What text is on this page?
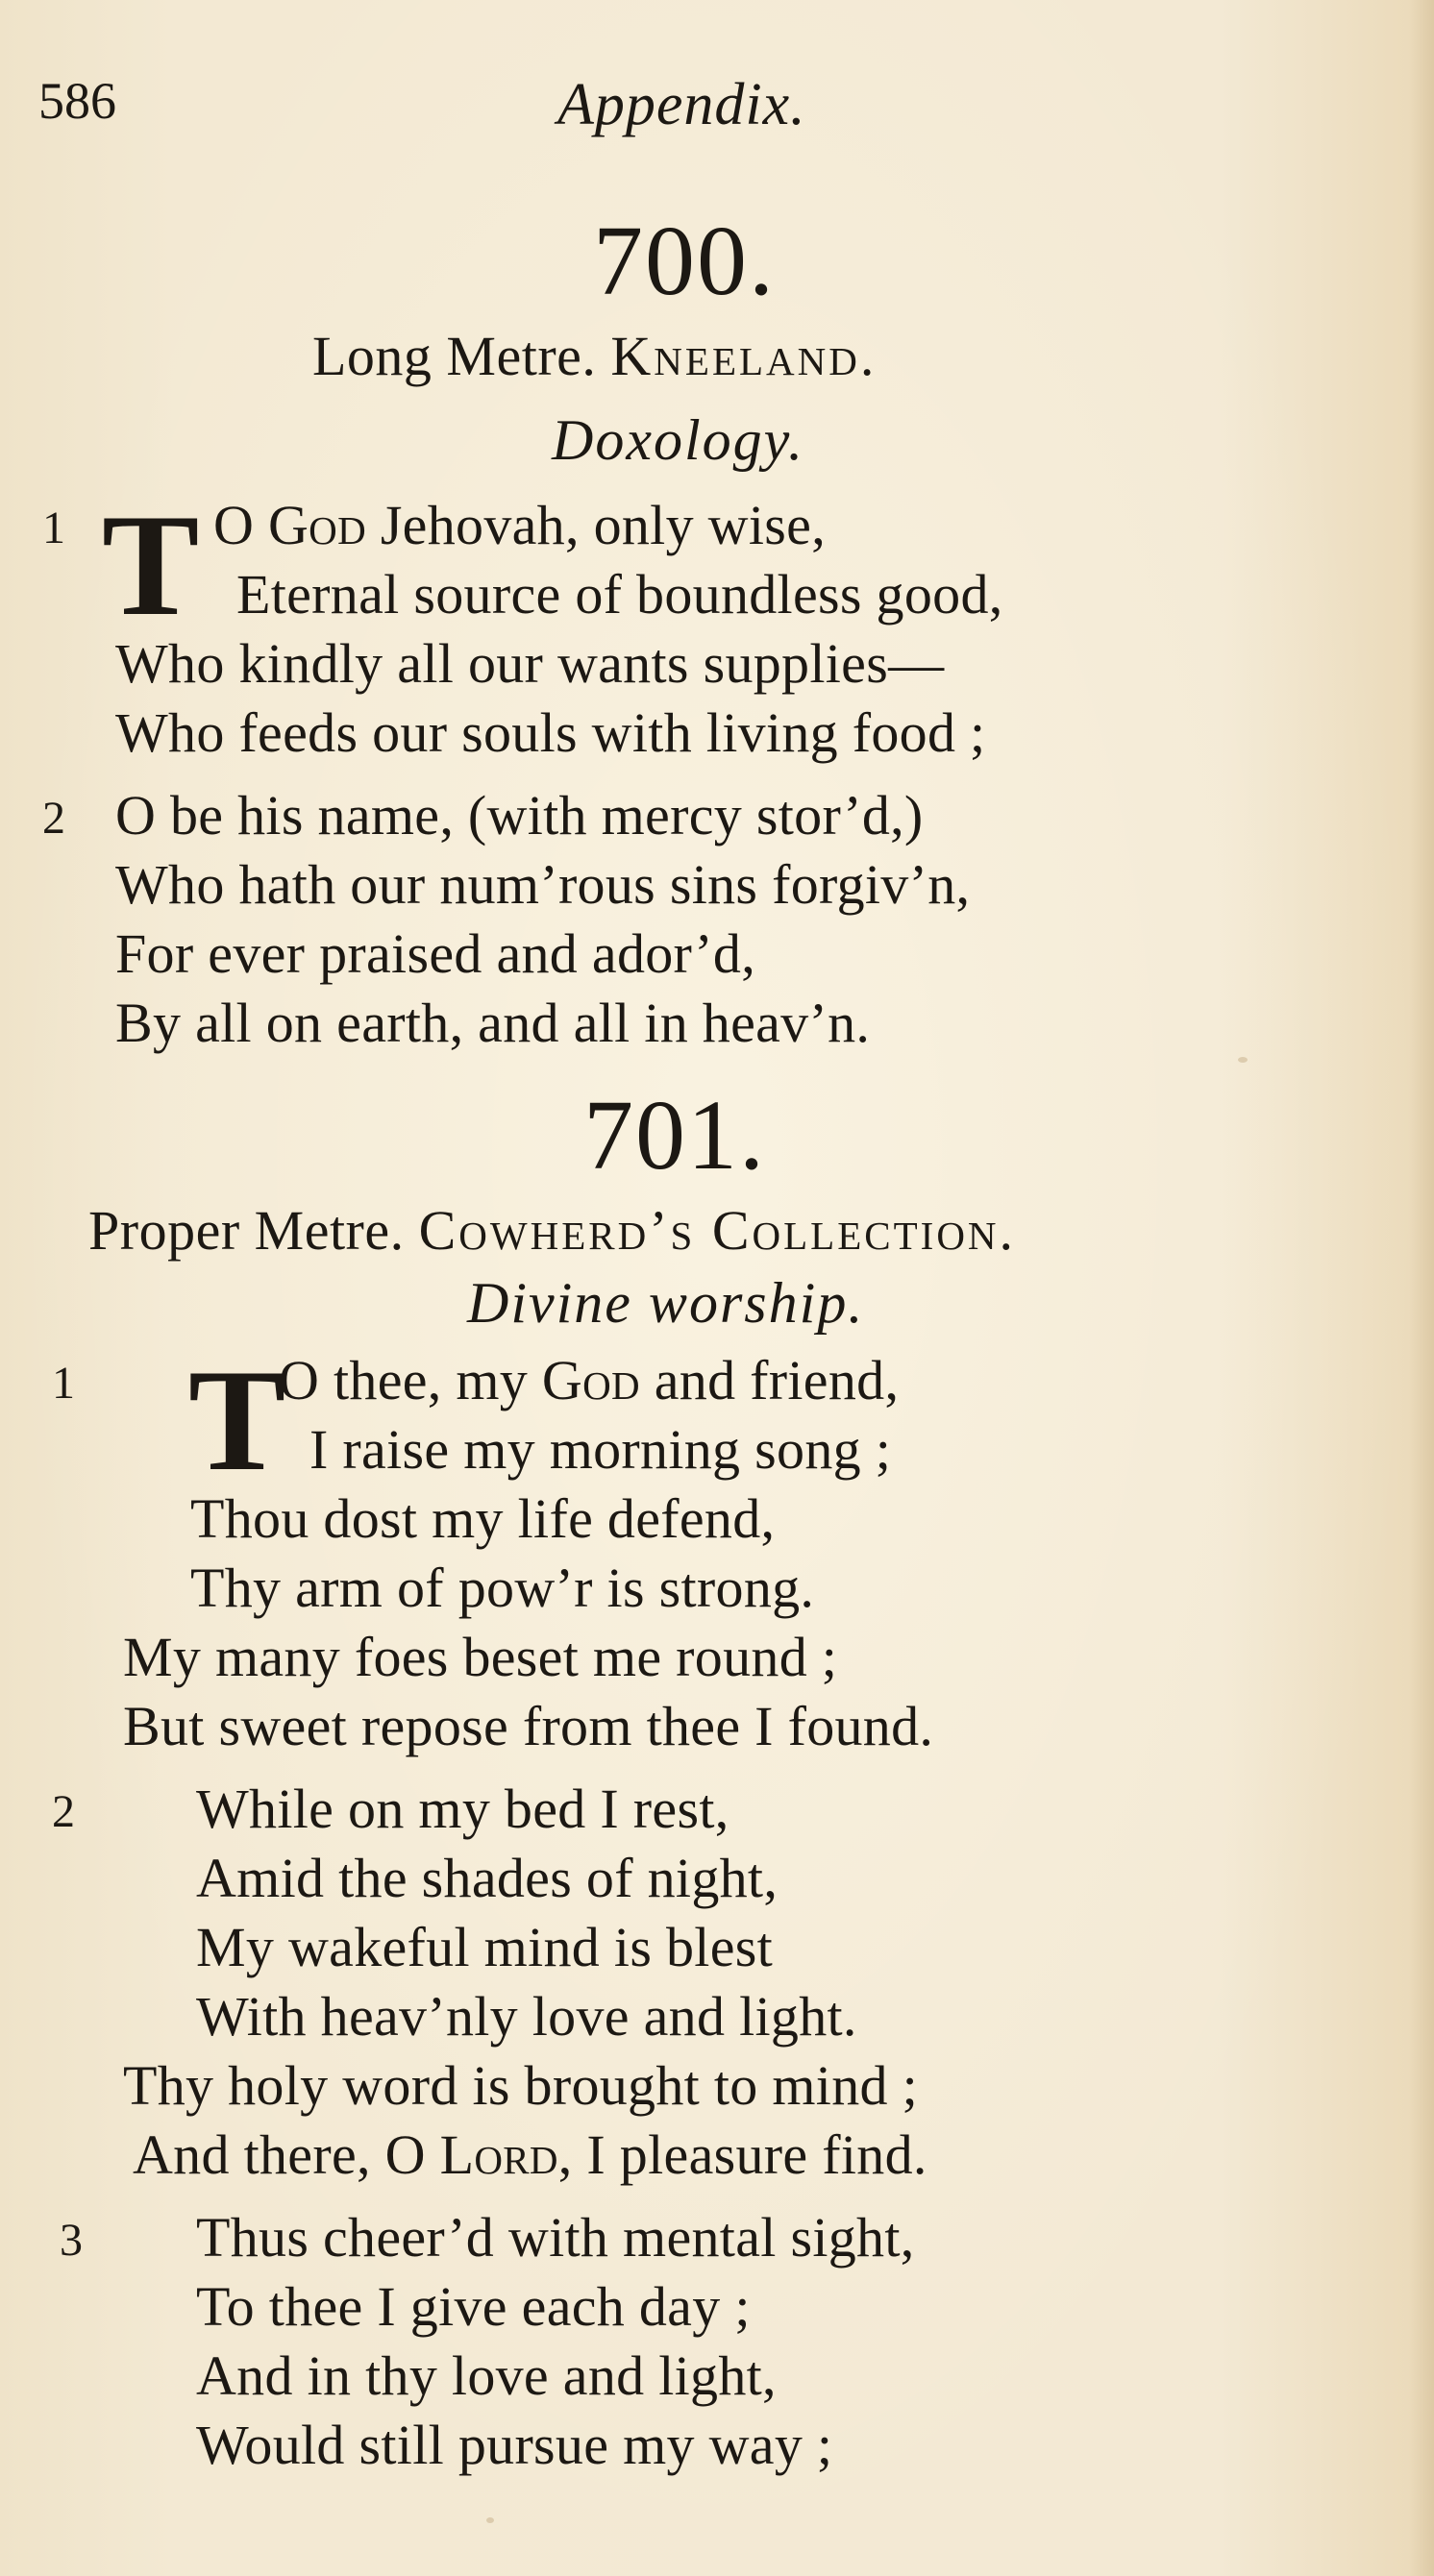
586	Appendix.
700.
Long Metre. Kneeland.
Doxology.
1 T O God Jehovah, only wise,
Eternal source of boundless good,
Who kindly all our wants supplies—
Who feeds our souls with living food ;
2 O be his name, (with mercy stor’d,)
Who hath our num’rous sins forgiv’n,
For ever praised and ador’d,
By all on earth, and all in heav’n.
701.
Proper Metre. Cowherd’s Collection.
Divine worship.
1 T
O thee, my God and friend,
I raise my morning song ;
Thou dost my life defend,
Thy arm of pow’r is strong.
My many foes beset me round ;
But sweet repose from thee I found.
2 While on my bed I rest,
Amid the shades of night,
My wakeful mind is blest
With heav’nly love and light.
Thy holy word is brought to mind ;
And there, O Lord, I pleasure find.
3 Thus cheer’d with mental sight,
To thee I give each day ;
And in thy love and light,
Would still pursue my way ;
